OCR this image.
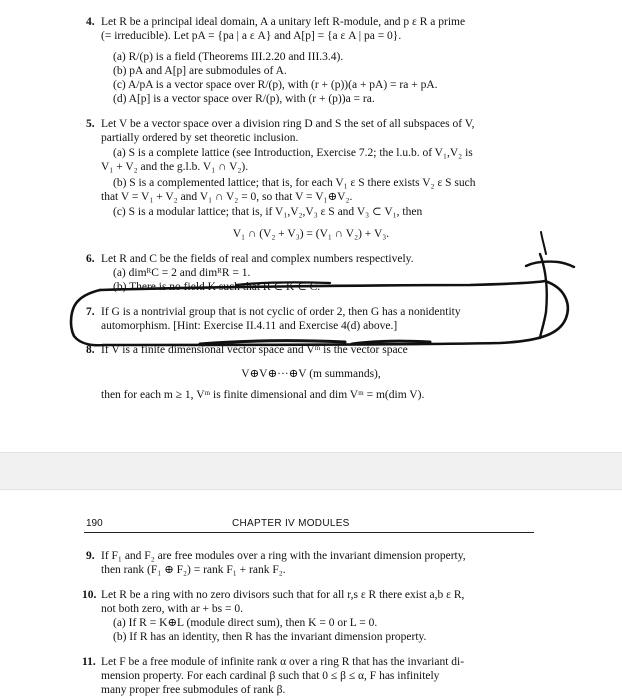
4. Let R be a principal ideal domain, A a unitary left R-module, and p ε R a prime
(= irreducible). Let pA = {pa | a ε A} and A[p] = {a ε A | pa = 0}.
(a) R/(p) is a field (Theorems III.2.20 and III.3.4).
(b) pA and A[p] are submodules of A.
(c) A/pA is a vector space over R/(p), with (r + (p))(a + pA) = ra + pA.
(d) A[p] is a vector space over R/(p), with (r + (p))a = ra.
5. Let V be a vector space over a division ring D and S the set of all subspaces of V,
partially ordered by set theoretic inclusion.
(a) S is a complete lattice (see Introduction, Exercise 7.2; the l.u.b. of V₁,V₂ is
V₁ + V₂ and the g.l.b. V₁ ∩ V₂).
(b) S is a complemented lattice; that is, for each V₁ ε S there exists V₂ ε S such
that V = V₁ + V₂ and V₁ ∩ V₂ = 0, so that V = V₁⊕V₂.
(c) S is a modular lattice; that is, if V₁,V₂,V₃ ε S and V₃ ⊂ V₁, then
V₁ ∩ (V₂ + V₃) = (V₁ ∩ V₂) + V₃.
6. Let R and C be the fields of real and complex numbers respectively.
(a) dimᴿC = 2 and dimᴿR = 1.
(b) There is no field K such that R ⊂ K ⊂ C.
7. If G is a nontrivial group that is not cyclic of order 2, then G has a nonidentity
automorphism. [Hint: Exercise II.4.11 and Exercise 4(d) above.]
8. If V is a finite dimensional vector space and Vᵐ is the vector space
V⊕V⊕···⊕V (m summands),
then for each m ≥ 1, Vᵐ is finite dimensional and dim Vᵐ = m(dim V).
190	CHAPTER IV MODULES
9. If F₁ and F₂ are free modules over a ring with the invariant dimension property,
then rank (F₁ ⊕ F₂) = rank F₁ + rank F₂.
10. Let R be a ring with no zero divisors such that for all r,s ε R there exist a,b ε R,
not both zero, with ar + bs = 0.
(a) If R = K⊕L (module direct sum), then K = 0 or L = 0.
(b) If R has an identity, then R has the invariant dimension property.
11. Let F be a free module of infinite rank α over a ring R that has the invariant di-
mension property. For each cardinal β such that 0 ≤ β ≤ α, F has infinitely
many proper free submodules of rank β.
